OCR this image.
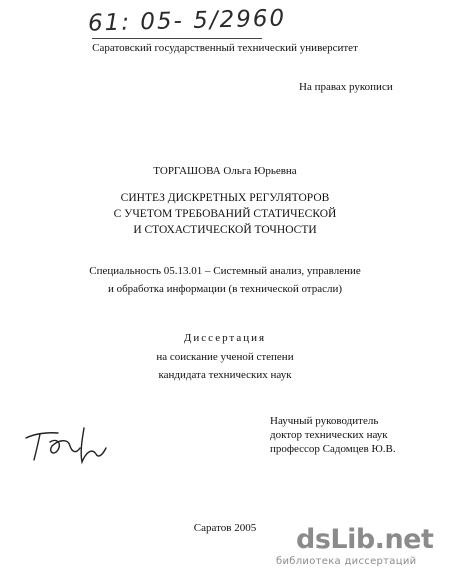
61: 05- 5/2960
Саратовский государственный технический университет
На правах рукописи
ТОРГАШОВА Ольга Юрьевна
СИНТЕЗ ДИСКРЕТНЫХ РЕГУЛЯТОРОВ
С УЧЕТОМ ТРЕБОВАНИЙ СТАТИЧЕСКОЙ
И СТОХАСТИЧЕСКОЙ ТОЧНОСТИ
Специальность 05.13.01 – Системный анализ, управление
и обработка информации (в технической отрасли)
Диссертация
на соискание ученой степени
кандидата технических наук
Научный руководитель
доктор технических наук
профессор Садомцев Ю.В.
Саратов 2005	dsLib.net
библиотека диссертаций
